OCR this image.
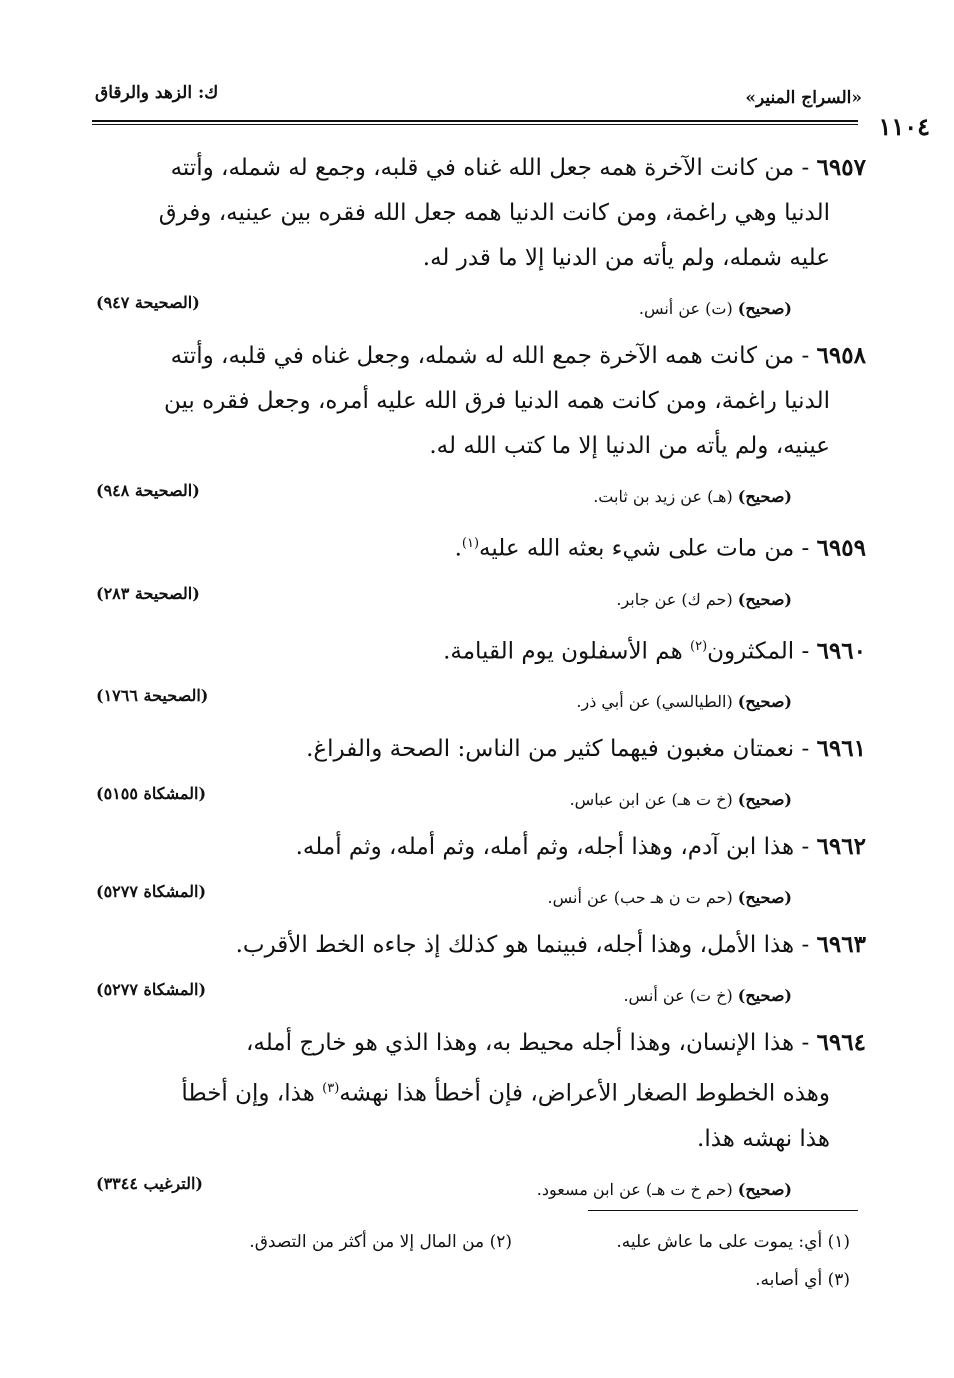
«السراج المنير»
ك: الزهد والرقاق
١١٠٤

٦٩٥٧ - من كانت الآخرة همه جعل الله غناه في قلبه، وجمع له شمله، وأتته

الدنيا وهي راغمة، ومن كانت الدنيا همه جعل الله فقره بين عينيه، وفرق

عليه شمله، ولم يأته من الدنيا إلا ما قدر له.

(صحيح) (ت) عن أنس.
(الصحيحة ٩٤٧)

٦٩٥٨ - من كانت همه الآخرة جمع الله له شمله، وجعل غناه في قلبه، وأتته

الدنيا راغمة، ومن كانت همه الدنيا فرق الله عليه أمره، وجعل فقره بين

عينيه، ولم يأته من الدنيا إلا ما كتب الله له.

(صحيح) (هـ) عن زيد بن ثابت.
(الصحيحة ٩٤٨)

٦٩٥٩ - من مات على شيء بعثه الله عليه$^{(١)}$.

(صحيح) (حم ك) عن جابر.
(الصحيحة ٢٨٣)

٦٩٦٠ - المكثرون$^{(٢)}$ هم الأسفلون يوم القيامة.

(صحيح) (الطيالسي) عن أبي ذر.
(الصحيحة ١٧٦٦)

٦٩٦١ - نعمتان مغبون فيهما كثير من الناس: الصحة والفراغ.

(صحيح) (خ ت هـ) عن ابن عباس.
(المشكاة ٥١٥٥)

٦٩٦٢ - هذا ابن آدم، وهذا أجله، وثم أمله، وثم أمله، وثم أمله.

(صحيح) (حم ت ن هـ حب) عن أنس.
(المشكاة ٥٢٧٧)

٦٩٦٣ - هذا الأمل، وهذا أجله، فبينما هو كذلك إذ جاءه الخط الأقرب.

(صحيح) (خ ت) عن أنس.
(المشكاة ٥٢٧٧)

٦٩٦٤ - هذا الإنسان، وهذا أجله محيط به، وهذا الذي هو خارج أمله،

وهذه الخطوط الصغار الأعراض، فإن أخطأ هذا نهشه$^{(٣)}$ هذا، وإن أخطأ

هذا نهشه هذا.

(صحيح) (حم خ ت هـ) عن ابن مسعود.
(الترغيب ٣٣٤٤)
(١) أي: يموت على ما عاش عليه.
(٢) من المال إلا من أكثر من التصدق.
(٣) أي أصابه.
